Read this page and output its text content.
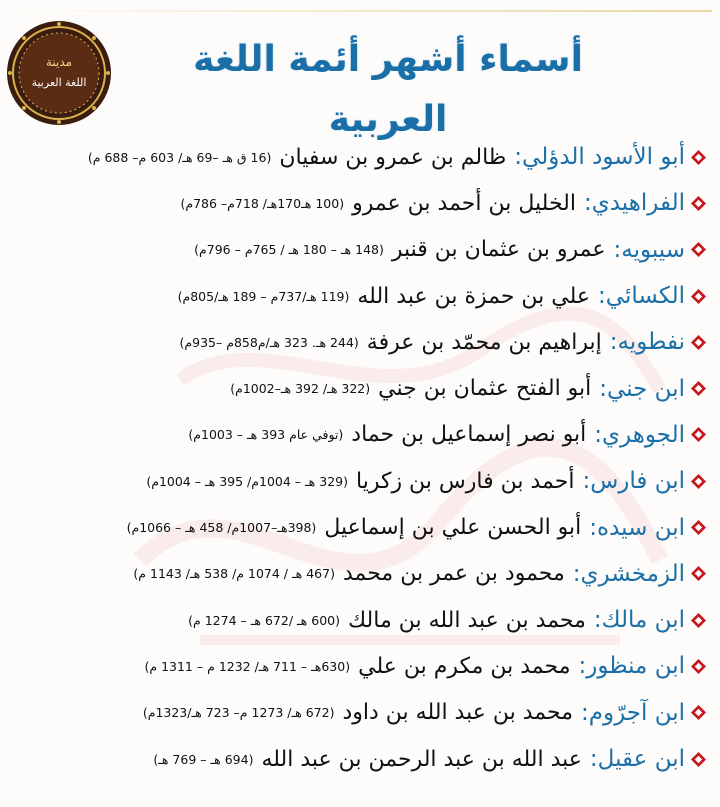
مدينة
اللغة العربية
أسماء أشهر أئمة اللغة العربية
أبو الأسود الدؤلي:
ظالم بن عمرو بن سفيان
(16 ق هـ –69 هـ/ 603 م– 688 م)
الفراهيدي:
الخليل بن أحمد بن عمرو
(100 هـ170هـ/ 718م– 786م)
سيبويه:
عمرو بن عثمان بن قنبر
(148 هـ – 180 هـ / 765م – 796م)
الكسائي:
علي بن حمزة بن عبد الله
(119 هـ/737م – 189 هـ/805م)
نفطويه:
إبراهيم بن محمّد بن عرفة
(244 هـ. 323 هـ/م858م –935م)
ابن جني:
أبو الفتح عثمان بن جني
(322 هـ/ 392 هـ–1002م)
الجوهري:
أبو نصر إسماعيل بن حماد
(توفي عام 393 هـ – 1003م)
ابن فارس:
أحمد بن فارس بن زكريا
(329 هـ – 1004م/ 395 هـ – 1004م)
ابن سيده:
أبو الحسن علي بن إسماعيل
(398هـ–1007م/ 458 هـ – 1066م)
الزمخشري:
محمود بن عمر بن محمد
(467 هـ / 1074 م/ 538 هـ/ 1143 م)
ابن مالك:
محمد بن عبد الله بن مالك
(600 هـ /672 هـ – 1274 م)
ابن منظور:
محمد بن مكرم بن علي
(630هـ – 711 هـ/ 1232 م – 1311 م)
ابن آجرّوم:
محمد بن عبد الله بن داود
(672 هـ/ 1273 م– 723 هـ/1323م)
ابن عقيل:
عبد الله بن عبد الرحمن بن عبد الله
(694 هـ – 769 هـ)
